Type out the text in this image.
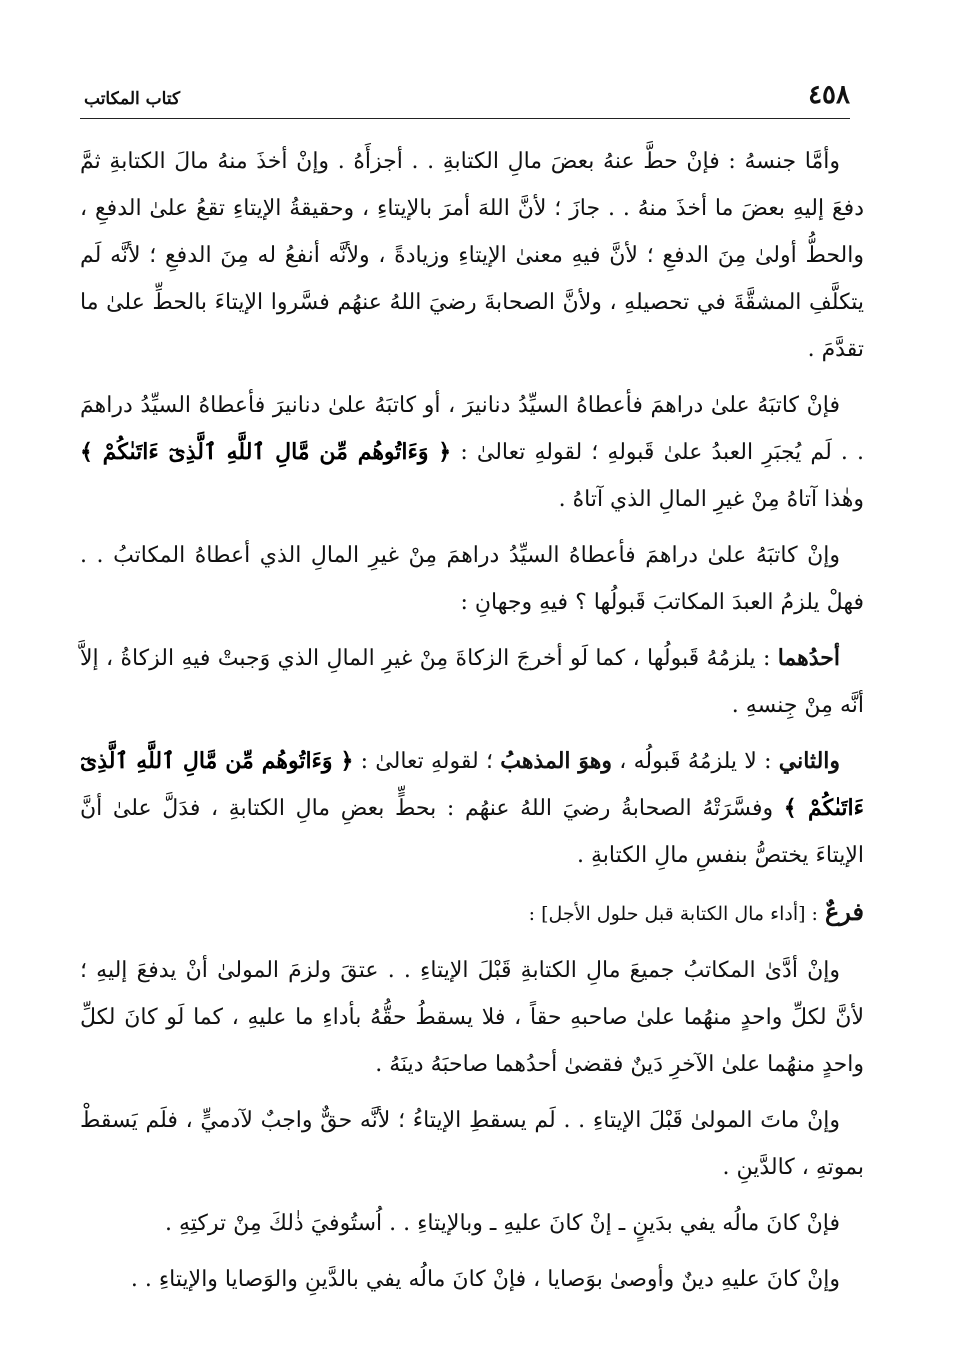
٤٥٨
كتاب المكاتب

وأمَّا جنسهُ : فإنْ حطَّ عنهُ بعضَ مالِ الكتابةِ . . أجزأَهُ . وإنْ أخذَ منهُ مالَ الكتابةِ ثمَّ دفعَ إليهِ بعضَ ما أخذَ منهُ . . جازَ ؛ لأنَّ اللهَ أمرَ بالإيتاءِ ، وحقيقةُ الإيتاءِ تقعُ علىٰ الدفعِ ، والحطُّ أولىٰ مِنَ الدفعِ ؛ لأنَّ فيهِ معنىٰ الإيتاءِ وزيادةً ، ولأنَّه أنفعُ له مِنَ الدفعِ ؛ لأنَّه لَم يتكلَّفِ المشقَّةَ في تحصيلهِ ، ولأنَّ الصحابةَ رضيَ اللهُ عنهُم فسَّروا الإيتاءَ بالحطِّ علىٰ ما تقدَّمَ .

فإنْ كاتبَهُ علىٰ دراهمَ فأعطاهُ السيِّدُ دنانيرَ ، أو كاتبَهُ علىٰ دنانيرَ فأعطاهُ السيِّدُ دراهمَ . . لَم يُجبَرِ العبدُ علىٰ قَبولهِ ؛ لقولهِ تعالىٰ : ﴿ وَءَاتُوهُم مِّن مَّالِ ٱللَّهِ ٱلَّذِىٓ ءَاتَىٰكُمْ ﴾ وهٰذا آتاهُ مِنْ غيرِ المالِ الذي آتاهُ .

وإنْ كاتبَهُ علىٰ دراهمَ فأعطاهُ السيِّدُ دراهمَ مِنْ غيرِ المالِ الذي أعطاهُ المكاتبُ . . فهلْ يلزمُ العبدَ المكاتبَ قَبولُها ؟ فيهِ وجهانِ :

أحدُهما : يلزمُهُ قَبولُها ، كما لَو أخرجَ الزكاةَ مِنْ غيرِ المالِ الذي وَجبتْ فيهِ الزكاةُ ، إلاَّ أنَّه مِنْ جِنسهِ .

والثاني : لا يلزمُهُ قَبولُه ، وهوَ المذهبُ ؛ لقولهِ تعالىٰ : ﴿ وَءَاتُوهُم مِّن مَّالِ ٱللَّهِ ٱلَّذِىٓ ءَاتَىٰكُمْ ﴾ وفسَّرَتْهُ الصحابةُ رضيَ اللهُ عنهُم : بحطٍّ بعضِ مالِ الكتابةِ ، فدَلَّ علىٰ أنَّ الإيتاءَ يختصُّ بنفسِ مالِ الكتابةِ .

فرعٌ : [أداء مال الكتابة قبل حلول الأجل] :

وإنْ أدَّىٰ المكاتبُ جميعَ مالِ الكتابةِ قَبْلَ الإيتاءِ . . عتقَ ولزمَ المولىٰ أنْ يدفعَ إليهِ ؛ لأنَّ لكلِّ واحدٍ منهُما علىٰ صاحبهِ حقاً ، فلا يسقطُ حقُّهُ بأداءِ ما عليهِ ، كما لَو كانَ لكلِّ واحدٍ منهُما علىٰ الآخرِ دَينٌ فقضىٰ أحدُهما صاحبَهُ دينَهُ .

وإنْ ماتَ المولىٰ قَبْلَ الإيتاءِ . . لَم يسقطِ الإيتاءُ ؛ لأنَّه حقٌّ واجبٌ لآدميٍّ ، فلَم يَسقطْ بموتهِ ، كالدَّينِ .

فإنْ كانَ مالُه يفي بدَينٍ ـ إنْ كانَ عليهِ ـ وبالإيتاءِ . . اُستُوفيَ ذٰلكَ مِنْ تركتِهِ .

وإنْ كانَ عليهِ دينٌ وأوصىٰ بوَصايا ، فإنْ كانَ مالُه يفي بالدَّينِ والوَصايا والإيتاءِ . .
